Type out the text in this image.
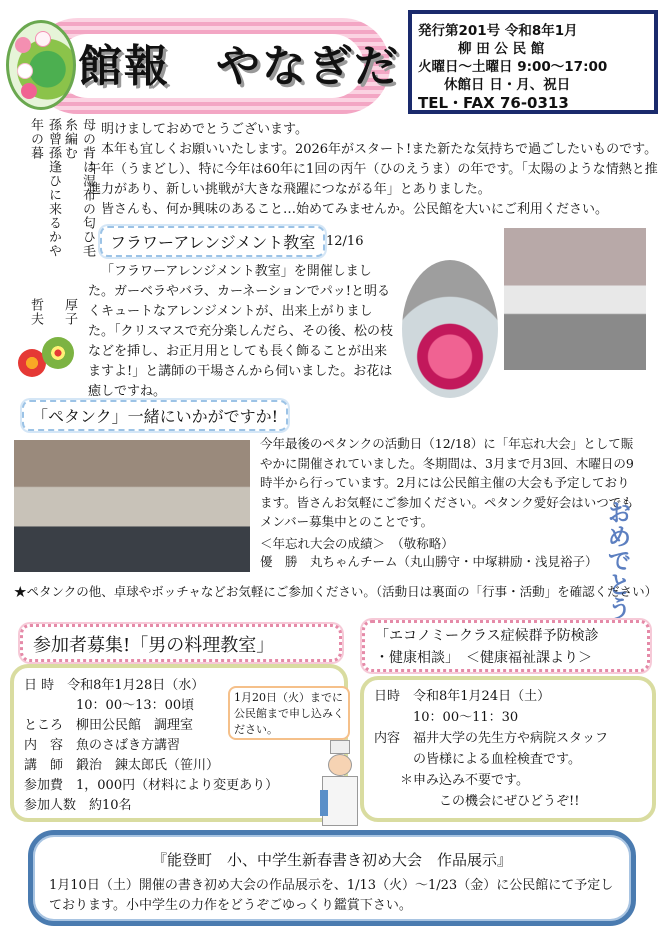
館報　やなぎだ
発行第201号 令和8年1月
柳 田 公 民 館
火曜日～土曜日 9:00～17:00
休館日 日・月、祝日
TEL・FAX 76-0313
母の背は湿布の匂ひ毛糸編む
厚子
孫曾孫逢ひに来るかや年の暮
哲夫

明けましておめでとうございます。

本年も宜しくお願いいたします。2026年がスタート!また新たな気持ちで過ごしたいものです。午年（うまどし）、特に今年は60年に1回の丙午（ひのえうま）の年です。「太陽のような情熱と推進力があり、新しい挑戦が大きな飛躍につながる年」とありました。

皆さんも、何か興味のあること…始めてみませんか。公民館を大いにご利用ください。

フラワーアレンジメント教室 12/16
「フラワーアレンジメント教室」を開催しました。ガーベラやバラ、カーネーションでパッ!と明るくキュートなアレンジメントが、出来上がりました。「クリスマスで充分楽しんだら、その後、松の枝などを挿し、お正月用としても長く飾ることが出来ますよ!」と講師の干場さんから伺いました。お花は癒しですね。
「ペタンク」一緒にいかがですか!
今年最後のペタンクの活動日（12/18）に「年忘れ大会」として賑やかに開催されていました。冬期間は、3月まで月3回、木曜日の9時半から行っています。2月には公民館主催の大会も予定しております。皆さんお気軽にご参加ください。ペタンク愛好会はいつでもメンバー募集中とのことです。
＜年忘れ大会の成績＞　（敬称略）
優　勝　丸ちゃんチーム（丸山勝守・中塚耕励・浅見裕子） おめでとう
★ペタンクの他、卓球やボッチャなどお気軽にご参加ください。（活動日は裏面の「行事・活動」を確認ください）
参加者募集!「男の料理教室」
日 時　令和8年1月28日（水）
　　　　10：00～13：00頃
ところ　柳田公民館　調理室
内　容　魚のさばき方講習
講　師　鍛治　錬太郎氏（笹川）
参加費　1，000円（材料により変更あり）
参加人数　約10名
1月20日（火）までに公民館まで申し込みください。
「エコノミークラス症候群予防検診
・健康相談」　＜健康福祉課より＞
日時　令和8年1月24日（土）
　　　10：00～11：30
内容　福井大学の先生方や病院スタッフ
　　　の皆様による血栓検査です。
　　＊申み込み不要です。
　　　　　この機会にぜひどうぞ!!
『能登町　小、中学生新春書き初め大会　作品展示』
1月10日（土）開催の書き初め大会の作品展示を、1/13（火）～1/23（金）に公民館にて予定しております。小中学生の力作をどうぞごゆっくり鑑賞下さい。
